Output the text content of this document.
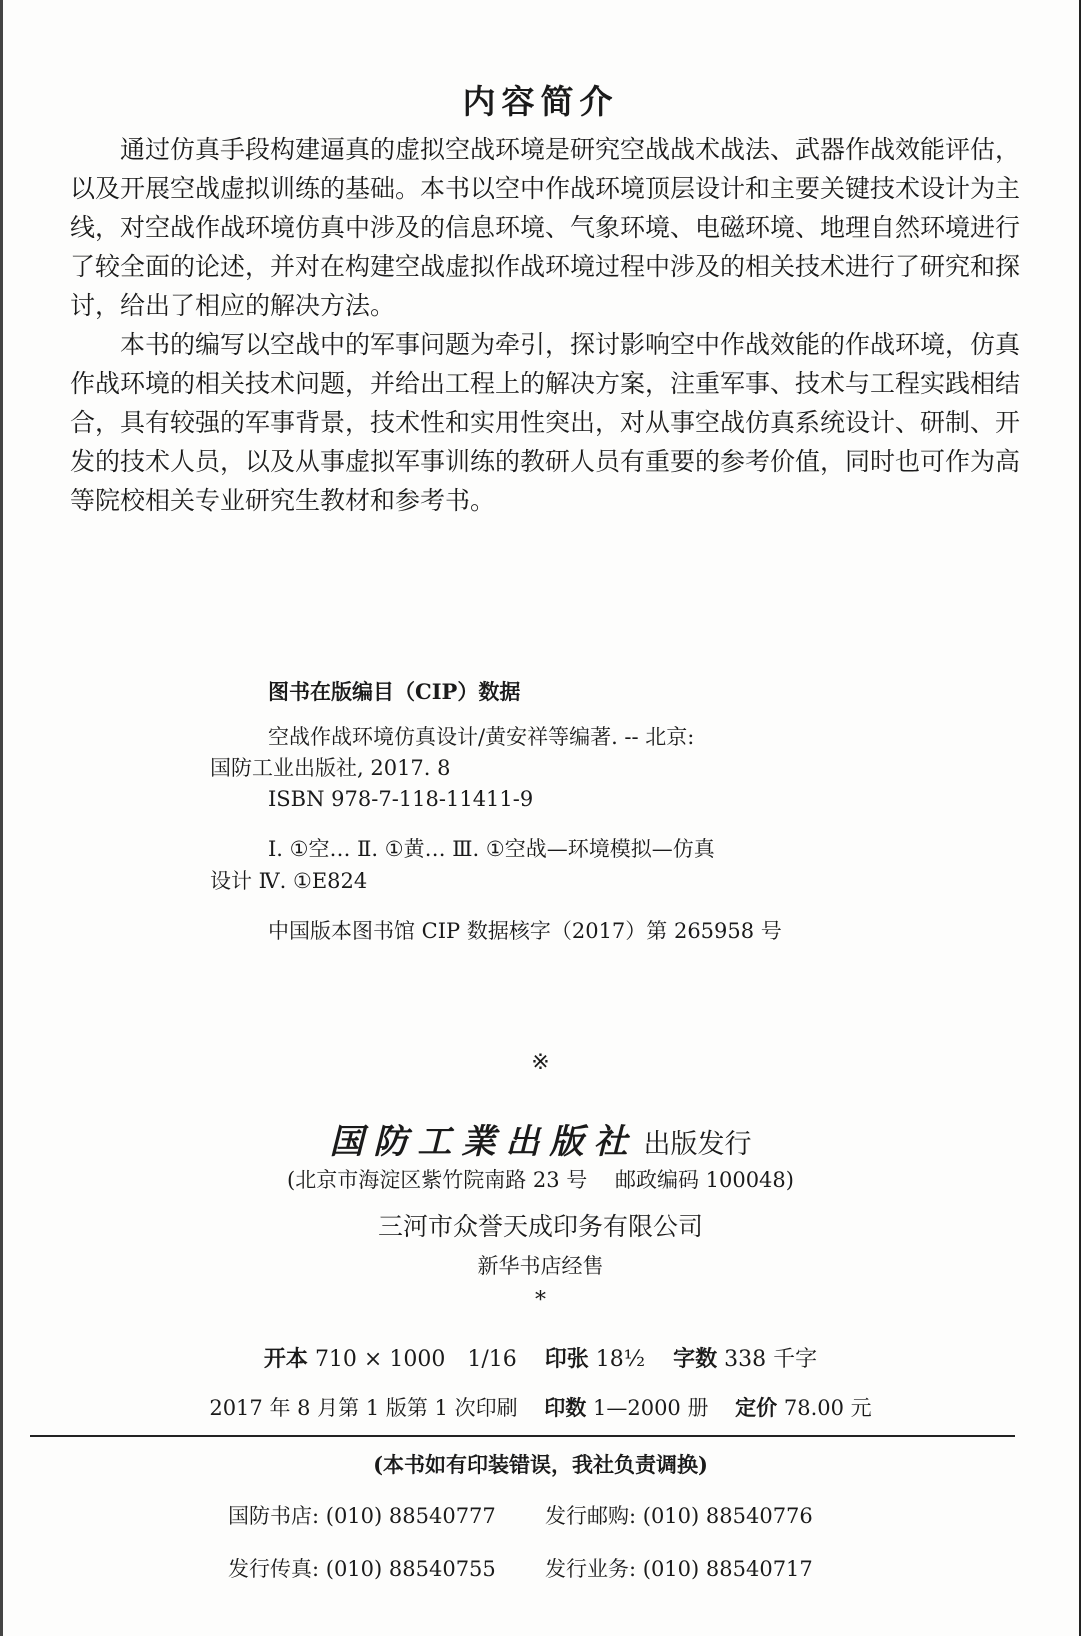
内容简介

通过仿真手段构建逼真的虚拟空战环境是研究空战战术战法、武器作战效能评估，以及开展空战虚拟训练的基础。本书以空中作战环境顶层设计和主要关键技术设计为主线，对空战作战环境仿真中涉及的信息环境、气象环境、电磁环境、地理自然环境进行了较全面的论述，并对在构建空战虚拟作战环境过程中涉及的相关技术进行了研究和探讨，给出了相应的解决方法。

本书的编写以空战中的军事问题为牵引，探讨影响空中作战效能的作战环境，仿真作战环境的相关技术问题，并给出工程上的解决方案，注重军事、技术与工程实践相结合，具有较强的军事背景，技术性和实用性突出，对从事空战仿真系统设计、研制、开发的技术人员，以及从事虚拟军事训练的教研人员有重要的参考价值，同时也可作为高等院校相关专业研究生教材和参考书。

图书在版编目（CIP）数据
空战作战环境仿真设计/黄安祥等编著. -- 北京:
国防工业出版社, 2017. 8
ISBN 978-7-118-11411-9
Ⅰ. ①空… Ⅱ. ①黄… Ⅲ. ①空战—环境模拟—仿真
设计 Ⅳ. ①E824
中国版本图书馆 CIP 数据核字（2017）第 265958 号
※
国防工業出版社 出版发行
(北京市海淀区紫竹院南路 23 号　 邮政编码 100048)
三河市众誉天成印务有限公司
新华书店经售
*
开本 710 × 1000　1/16 印张 18½ 字数 338 千字
2017 年 8 月第 1 版第 1 次印刷 印数 1—2000 册 定价 78.00 元
(本书如有印装错误，我社负责调换)
国防书店: (010) 88540777 发行邮购: (010) 88540776
发行传真: (010) 88540755 发行业务: (010) 88540717
